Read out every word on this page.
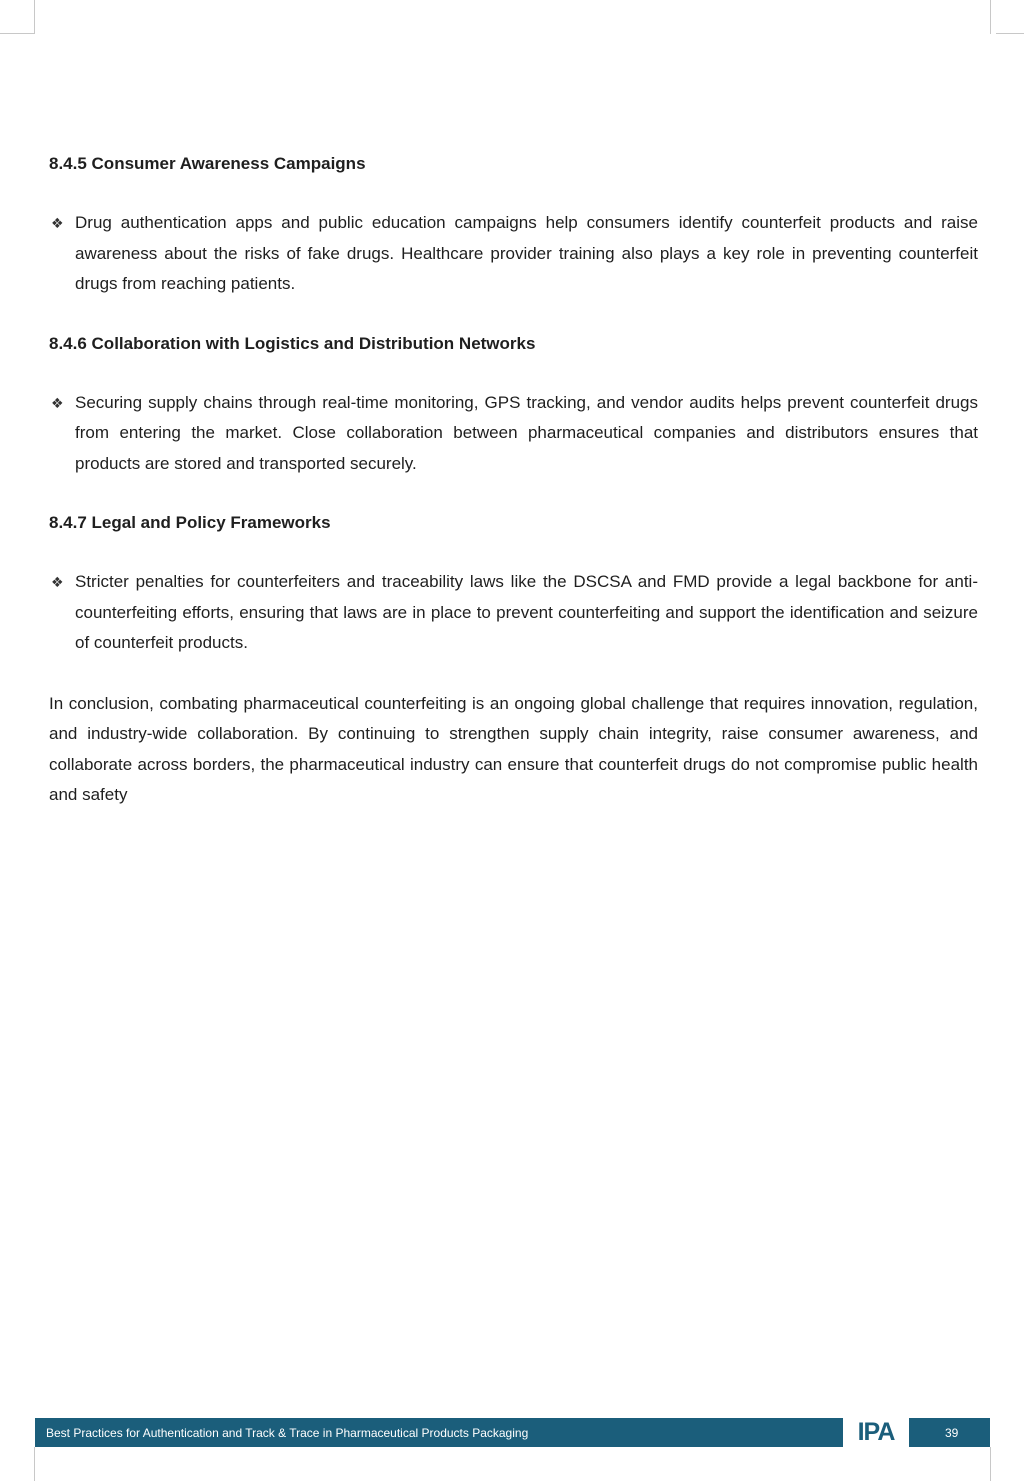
8.4.5 Consumer Awareness Campaigns

❖ Drug authentication apps and public education campaigns help consumers identify counterfeit products and raise awareness about the risks of fake drugs. Healthcare provider training also plays a key role in preventing counterfeit drugs from reaching patients.

8.4.6 Collaboration with Logistics and Distribution Networks

❖ Securing supply chains through real-time monitoring, GPS tracking, and vendor audits helps prevent counterfeit drugs from entering the market. Close collaboration between pharmaceutical companies and distributors ensures that products are stored and transported securely.

8.4.7 Legal and Policy Frameworks

❖ Stricter penalties for counterfeiters and traceability laws like the DSCSA and FMD provide a legal backbone for anti-counterfeiting efforts, ensuring that laws are in place to prevent counterfeiting and support the identification and seizure of counterfeit products.

In conclusion, combating pharmaceutical counterfeiting is an ongoing global challenge that requires innovation, regulation, and industry-wide collaboration. By continuing to strengthen supply chain integrity, raise consumer awareness, and collaborate across borders, the pharmaceutical industry can ensure that counterfeit drugs do not compromise public health and safety

Best Practices for Authentication and Track & Trace in Pharmaceutical Products Packaging	IPA	39
